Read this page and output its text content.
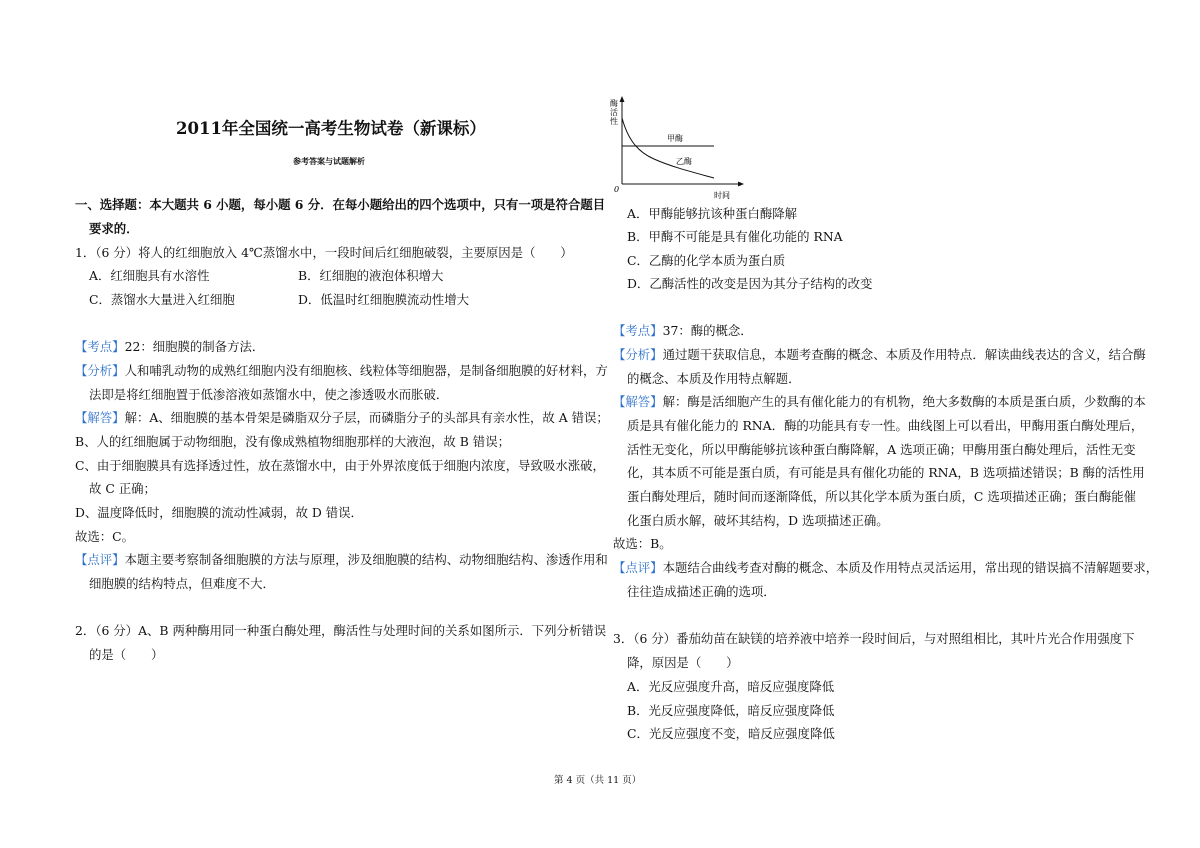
2011年全国统一高考生物试卷（新课标）

参考答案与试题解析

一、选择题：本大题共 6 小题，每小题 6 分．在每小题给出的四个选项中，只有一项是符合题目

要求的．

1．（6 分）将人的红细胞放入 4℃蒸馏水中，一段时间后红细胞破裂，主要原因是（　　）

A．红细胞具有水溶性	B．红细胞的液泡体积增大

C．蒸馏水大量进入红细胞	D．低温时红细胞膜流动性增大

【考点】22：细胞膜的制备方法．

【分析】人和哺乳动物的成熟红细胞内没有细胞核、线粒体等细胞器，是制备细胞膜的好材料，方

法即是将红细胞置于低渗溶液如蒸馏水中，使之渗透吸水而胀破．

【解答】解：A、细胞膜的基本骨架是磷脂双分子层，而磷脂分子的头部具有亲水性，故 A 错误；

B、人的红细胞属于动物细胞，没有像成熟植物细胞那样的大液泡，故 B 错误；

C、由于细胞膜具有选择透过性，放在蒸馏水中，由于外界浓度低于细胞内浓度，导致吸水涨破，

故 C 正确；

D、温度降低时，细胞膜的流动性减弱，故 D 错误．

故选：C。

【点评】本题主要考察制备细胞膜的方法与原理，涉及细胞膜的结构、动物细胞结构、渗透作用和

细胞膜的结构特点，但难度不大．

2．（6 分）A、B 两种酶用同一种蛋白酶处理，酶活性与处理时间的关系如图所示．下列分析错误

的是（　　）

酶
活
性
0
时间
甲酶
乙酶

A．甲酶能够抗该种蛋白酶降解

B．甲酶不可能是具有催化功能的 RNA

C．乙酶的化学本质为蛋白质

D．乙酶活性的改变是因为其分子结构的改变

【考点】37：酶的概念．

【分析】通过题干获取信息，本题考查酶的概念、本质及作用特点．解读曲线表达的含义，结合酶

的概念、本质及作用特点解题．

【解答】解：酶是活细胞产生的具有催化能力的有机物，绝大多数酶的本质是蛋白质，少数酶的本

质是具有催化能力的 RNA．酶的功能具有专一性。曲线图上可以看出，甲酶用蛋白酶处理后，

活性无变化，所以甲酶能够抗该种蛋白酶降解，A 选项正确；甲酶用蛋白酶处理后，活性无变

化，其本质不可能是蛋白质，有可能是具有催化功能的 RNA，B 选项描述错误；B 酶的活性用

蛋白酶处理后，随时间而逐渐降低，所以其化学本质为蛋白质，C 选项描述正确；蛋白酶能催

化蛋白质水解，破坏其结构，D 选项描述正确。

故选：B。

【点评】本题结合曲线考查对酶的概念、本质及作用特点灵活运用，常出现的错误搞不清解题要求，

往往造成描述正确的选项．

3．（6 分）番茄幼苗在缺镁的培养液中培养一段时间后，与对照组相比，其叶片光合作用强度下

降，原因是（　　）

A．光反应强度升高，暗反应强度降低

B．光反应强度降低，暗反应强度降低

C．光反应强度不变，暗反应强度降低

第 4 页（共 11 页）
